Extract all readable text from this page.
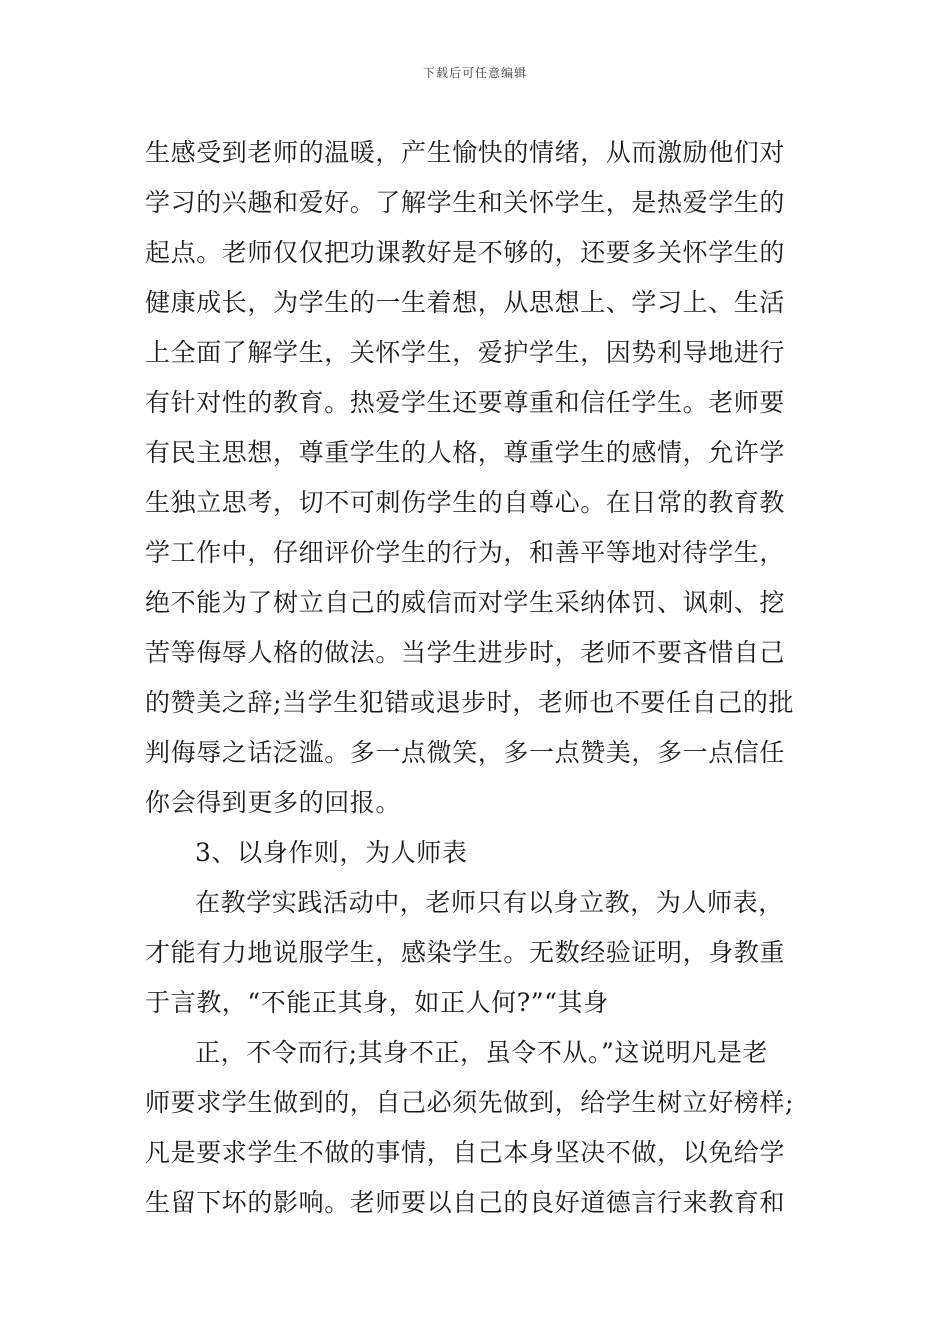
下载后可任意编辑
生感受到老师的温暖，产生愉快的情绪，从而激励他们对
学习的兴趣和爱好。了解学生和关怀学生，是热爱学生的
起点。老师仅仅把功课教好是不够的，还要多关怀学生的
健康成长，为学生的一生着想，从思想上、学习上、生活
上全面了解学生，关怀学生，爱护学生，因势利导地进行
有针对性的教育。热爱学生还要尊重和信任学生。老师要
有民主思想，尊重学生的人格，尊重学生的感情，允许学
生独立思考，切不可刺伤学生的自尊心。在日常的教育教
学工作中，仔细评价学生的行为，和善平等地对待学生，
绝不能为了树立自己的威信而对学生采纳体罚、讽刺、挖
苦等侮辱人格的做法。当学生进步时，老师不要吝惜自己
的赞美之辞;当学生犯错或退步时，老师也不要任自己的批
判侮辱之话泛滥。多一点微笑，多一点赞美，多一点信任
你会得到更多的回报。
3、以身作则，为人师表
在教学实践活动中，老师只有以身立教，为人师表，
才能有力地说服学生，感染学生。无数经验证明，身教重
于言教，“不能正其身，如正人何?”“其身
正，不令而行;其身不正，虽令不从。”这说明凡是老
师要求学生做到的，自己必须先做到，给学生树立好榜样;
凡是要求学生不做的事情，自己本身坚决不做，以免给学
生留下坏的影响。老师要以自己的良好道德言行来教育和
